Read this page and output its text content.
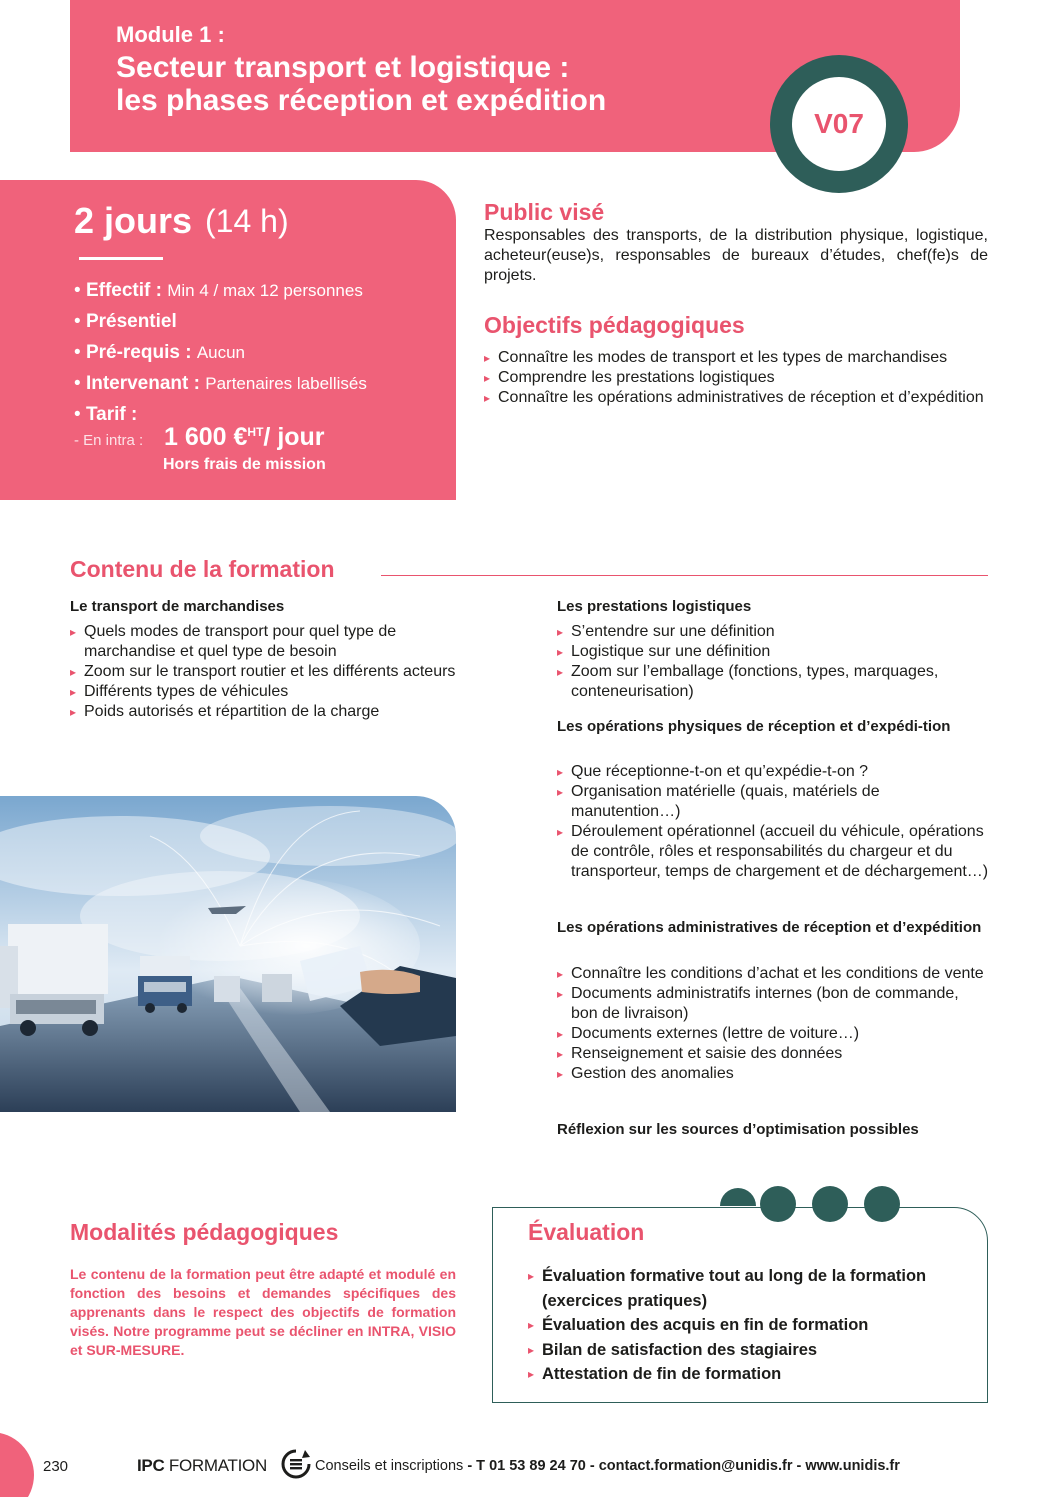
Module 1 :
Secteur transport et logistique :
les phases réception et expédition
V07
2 jours (14 h)
• Effectif : Min 4 / max 12 personnes
• Présentiel
• Pré-requis : Aucun
• Intervenant : Partenaires labellisés
• Tarif :
- En intra : 1 600 €$^{HT}$/ jour
Hors frais de mission
Public visé
Responsables des transports, de la distribution physique, logistique, acheteur(euse)s, responsables de bureaux d’études, chef(fe)s de projets.
Objectifs pédagogiques
▸ Connaître les modes de transport et les types de marchandises
▸ Comprendre les prestations logistiques
▸ Connaître les opérations administratives de réception et d’expédition
Contenu de la formation
Le transport de marchandises
▸ Quels modes de transport pour quel type de marchandise et quel type de besoin
▸ Zoom sur le transport routier et les différents acteurs
▸ Différents types de véhicules
▸ Poids autorisés et répartition de la charge
Les prestations logistiques
▸ S’entendre sur une définition
▸ Logistique sur une définition
▸ Zoom sur l’emballage (fonctions, types, marquages, conteneurisation)
Les opérations physiques de réception et d’expédi-tion
▸ Que réceptionne-t-on et qu’expédie-t-on ?
▸ Organisation matérielle (quais, matériels de manutention…)
▸ Déroulement opérationnel (accueil du véhicule, opérations de contrôle, rôles et responsabilités du chargeur et du transporteur, temps de chargement et de déchargement…)
Les opérations administratives de réception et d’expédition
▸ Connaître les conditions d’achat et les conditions de vente
▸ Documents administratifs internes (bon de commande, bon de livraison)
▸ Documents externes (lettre de voiture…)
▸ Renseignement et saisie des données
▸ Gestion des anomalies
Réflexion sur les sources d’optimisation possibles
Modalités pédagogiques
Le contenu de la formation peut être adapté et modulé en fonction des besoins et demandes spécifiques des apprenants dans le respect des objectifs de formation visés. Notre programme peut se décliner en INTRA, VISIO et SUR-MESURE.
Évaluation
▸ Évaluation formative tout au long de la formation (exercices pratiques)
▸ Évaluation des acquis en fin de formation
▸ Bilan de satisfaction des stagiaires
▸ Attestation de fin de formation
230	IPC FORMATION	Conseils et inscriptions - T 01 53 89 24 70 - contact.formation@unidis.fr - www.unidis.fr
